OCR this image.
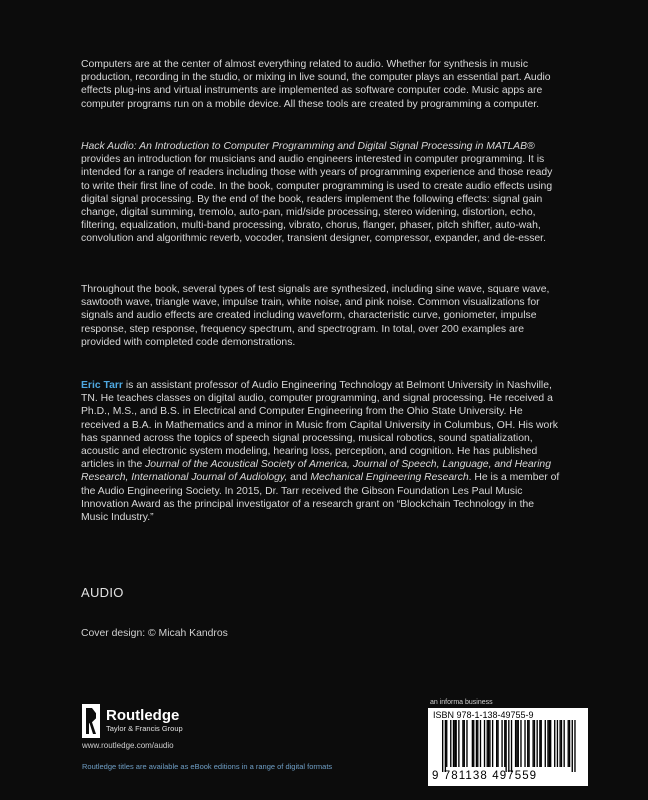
Computers are at the center of almost everything related to audio. Whether for synthesis in music production, recording in the studio, or mixing in live sound, the computer plays an essential part. Audio effects plug-ins and virtual instruments are implemented as software computer code. Music apps are computer programs run on a mobile device. All these tools are created by programming a computer.

Hack Audio: An Introduction to Computer Programming and Digital Signal Processing in MATLAB® provides an introduction for musicians and audio engineers interested in computer programming. It is intended for a range of readers including those with years of programming experience and those ready to write their first line of code. In the book, computer programming is used to create audio effects using digital signal processing. By the end of the book, readers implement the following effects: signal gain change, digital summing, tremolo, auto-pan, mid/side processing, stereo widening, distortion, echo, filtering, equalization, multi-band processing, vibrato, chorus, flanger, phaser, pitch shifter, auto-wah, convolution and algorithmic reverb, vocoder, transient designer, compressor, expander, and de-esser.

Throughout the book, several types of test signals are synthesized, including sine wave, square wave, sawtooth wave, triangle wave, impulse train, white noise, and pink noise. Common visualizations for signals and audio effects are created including waveform, characteristic curve, goniometer, impulse response, step response, frequency spectrum, and spectrogram. In total, over 200 examples are provided with completed code demonstrations.

Eric Tarr is an assistant professor of Audio Engineering Technology at Belmont University in Nashville, TN. He teaches classes on digital audio, computer programming, and signal processing. He received a Ph.D., M.S., and B.S. in Electrical and Computer Engineering from the Ohio State University. He received a B.A. in Mathematics and a minor in Music from Capital University in Columbus, OH. His work has spanned across the topics of speech signal processing, musical robotics, sound spatialization, acoustic and electronic system modeling, hearing loss, perception, and cognition. He has published articles in the Journal of the Acoustical Society of America, Journal of Speech, Language, and Hearing Research, International Journal of Audiology, and Mechanical Engineering Research. He is a member of the Audio Engineering Society. In 2015, Dr. Tarr received the Gibson Foundation Les Paul Music Innovation Award as the principal investigator of a research grant on “Blockchain Technology in the Music Industry.”

AUDIO
Cover design: © Micah Kandros
Routledge
Taylor & Francis Group
www.routledge.com/audio
Routledge titles are available as eBook editions in a range of digital formats
an informa business
ISBN 978-1-138-49755-9
9 781138 497559
